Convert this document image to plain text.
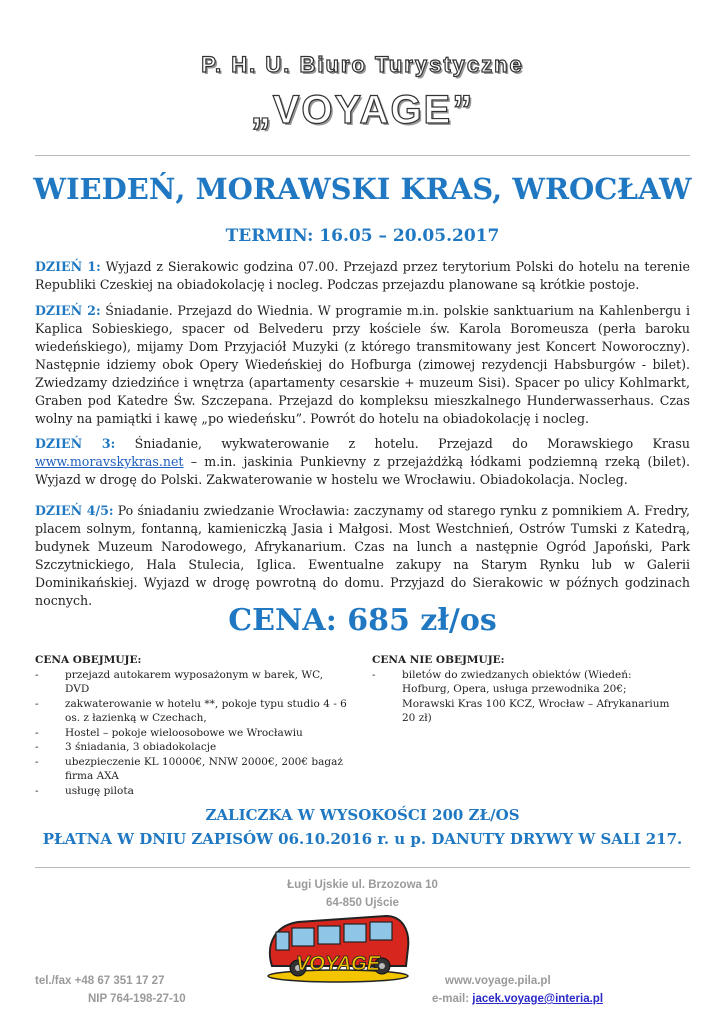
P. H. U. Biuro Turystyczne
„VOYAGE”
WIEDEŃ, MORAWSKI KRAS, WROCŁAW
TERMIN: 16.05 – 20.05.2017
DZIEŃ 1: Wyjazd z Sierakowic godzina 07.00. Przejazd przez terytorium Polski do hotelu na terenie Republiki Czeskiej na obiadokolację i nocleg. Podczas przejazdu planowane są krótkie postoje.
DZIEŃ 2: Śniadanie. Przejazd do Wiednia. W programie m.in. polskie sanktuarium na Kahlenbergu i Kaplica Sobieskiego, spacer od Belvederu przy kościele św. Karola Boromeusza (perła baroku wiedeńskiego), mijamy Dom Przyjaciół Muzyki (z którego transmitowany jest Koncert Noworoczny). Następnie idziemy obok Opery Wiedeńskiej do Hofburga (zimowej rezydencji Habsburgów - bilet). Zwiedzamy dziedzińce i wnętrza (apartamenty cesarskie + muzeum Sisi). Spacer po ulicy Kohlmarkt, Graben pod Katedre Św. Szczepana. Przejazd do kompleksu mieszkalnego Hunderwasserhaus. Czas wolny na pamiątki i kawę „po wiedeńsku”. Powrót do hotelu na obiadokolację i nocleg.
DZIEŃ 3: Śniadanie, wykwaterowanie z hotelu. Przejazd do Morawskiego Krasu www.moravskykras.net – m.in. jaskinia Punkievny z przejażdżką łódkami podziemną rzeką (bilet). Wyjazd w drogę do Polski. Zakwaterowanie w hostelu we Wrocławiu. Obiadokolacja. Nocleg.
DZIEŃ 4/5: Po śniadaniu zwiedzanie Wrocławia: zaczynamy od starego rynku z pomnikiem A. Fredry, placem solnym, fontanną, kamieniczką Jasia i Małgosi. Most Westchnień, Ostrów Tumski z Katedrą, budynek Muzeum Narodowego, Afrykanarium. Czas na lunch a następnie Ogród Japoński, Park Szczytnickiego, Hala Stulecia, Iglica. Ewentualne zakupy na Starym Rynku lub w Galerii Dominikańskiej. Wyjazd w drogę powrotną do domu. Przyjazd do Sierakowic w późnych godzinach nocnych.
CENA: 685 zł/os
CENA OBEJMUJE:
- przejazd autokarem wyposażonym w barek, WC, DVD
- zakwaterowanie w hotelu **, pokoje typu studio 4 - 6 os. z łazienką w Czechach,
- Hostel – pokoje wieloosobowe we Wrocławiu
- 3 śniadania, 3 obiadokolacje
- ubezpieczenie KL 10000€, NNW 2000€, 200€ bagaż firma AXA
- usługę pilota
CENA NIE OBEJMUJE:
- biletów do zwiedzanych obiektów (Wiedeń: Hofburg, Opera, usługa przewodnika 20€; Morawski Kras 100 KCZ, Wrocław – Afrykanarium 20 zł)
ZALICZKA W WYSOKOŚCI 200 ZŁ/OS
PŁATNA W DNIU ZAPISÓW 06.10.2016 r. u p. DANUTY DRYWY W SALI 217.
Ługi Ujskie ul. Brzozowa 10
64-850 Ujście
VOYAGE
tel./fax +48 67 351 17 27
NIP 764-198-27-10
www.voyage.pila.pl
e-mail: jacek.voyage@interia.pl
